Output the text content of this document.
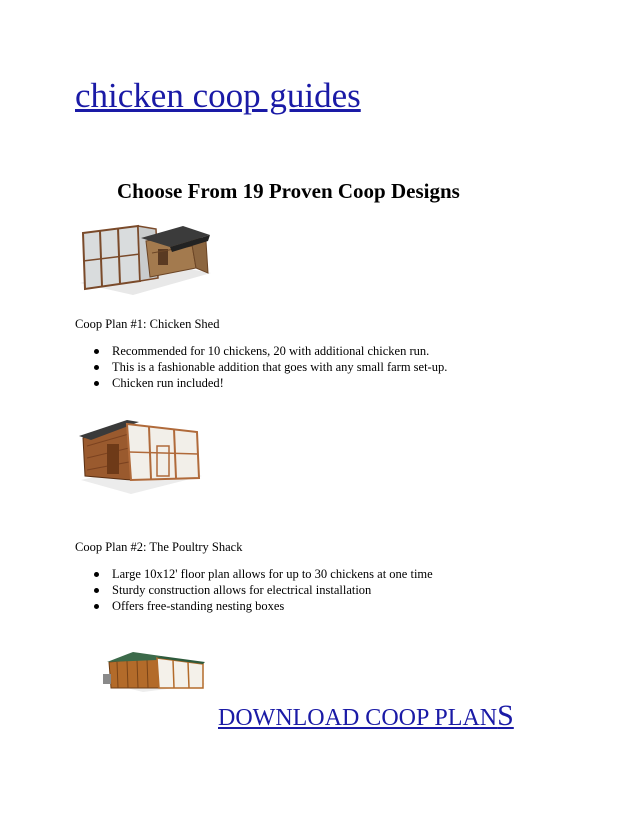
chicken coop guides
Choose From 19 Proven Coop Designs
Coop Plan #1: Chicken Shed
Recommended for 10 chickens, 20 with additional chicken run.
This is a fashionable addition that goes with any small farm set-up.
Chicken run included!
Coop Plan #2: The Poultry Shack
Large 10x12' floor plan allows for up to 30 chickens at one time
Sturdy construction allows for electrical installation
Offers free-standing nesting boxes
DOWNLOAD COOP PLANS
